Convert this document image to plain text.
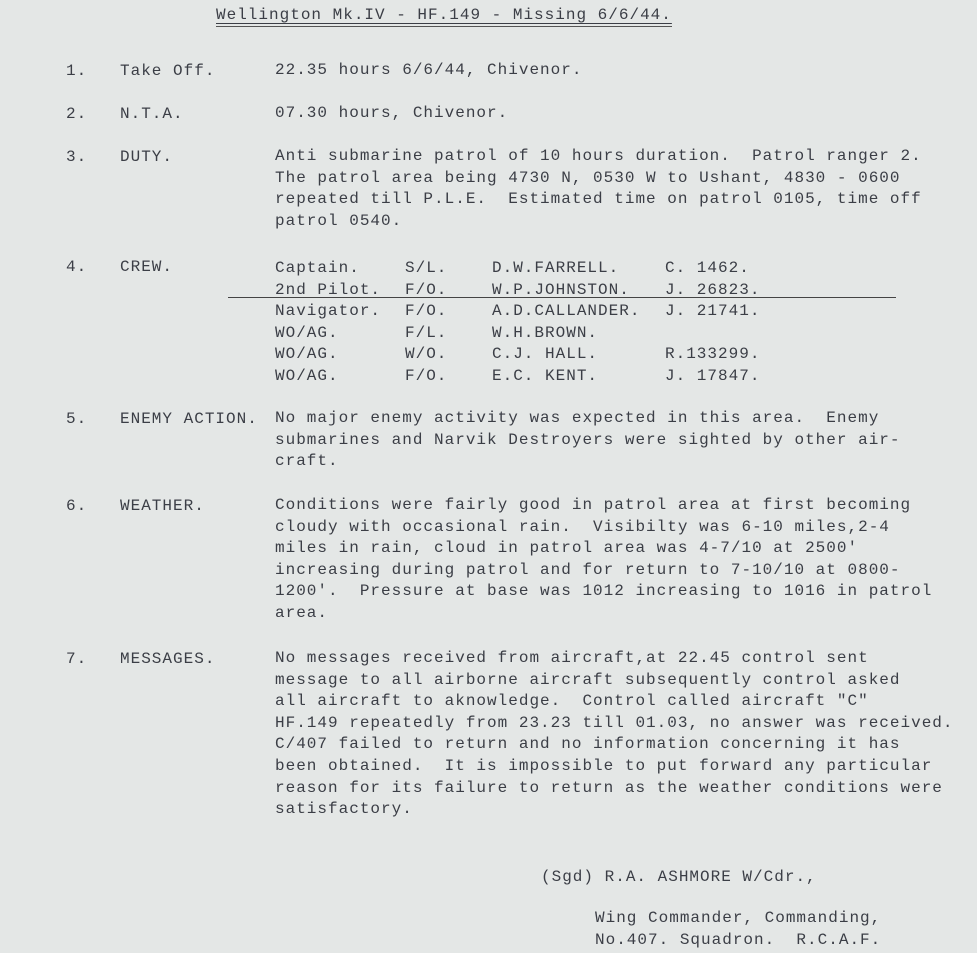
Wellington Mk.IV - HF.149 - Missing 6/6/44.
1. Take Off.	22.35 hours 6/6/44, Chivenor.
2. N.T.A.	07.30 hours, Chivenor.
3. DUTY.	Anti submarine patrol of 10 hours duration.  Patrol ranger 2.
The patrol area being 4730 N, 0530 W to Ushant, 4830 - 0600
repeated till P.L.E.  Estimated time on patrol 0105, time off
patrol 0540.
4. CREW.
5. ENEMY ACTION. No major enemy activity was expected in this area.  Enemy
submarines and Narvik Destroyers were sighted by other air-
craft.
6. WEATHER.	Conditions were fairly good in patrol area at first becoming
cloudy with occasional rain.  Visibilty was 6-10 miles,2-4
miles in rain, cloud in patrol area was 4-7/10 at 2500'
increasing during patrol and for return to 7-10/10 at 0800-
1200'.  Pressure at base was 1012 increasing to 1016 in patrol
area.
7. MESSAGES.	No messages received from aircraft,at 22.45 control sent
message to all airborne aircraft subsequently control asked
all aircraft to aknowledge.  Control called aircraft "C"
HF.149 repeatedly from 23.23 till 01.03, no answer was received.
C/407 failed to return and no information concerning it has
been obtained.  It is impossible to put forward any particular
reason for its failure to return as the weather conditions were
satisfactory.
Captain.	S/L.	D.W.FARRELL.	C. 1462.
2nd Pilot.	F/O.	W.P.JOHNSTON.	J. 26823.
Navigator.	F/O.	A.D.CALLANDER.	J. 21741.
WO/AG.	F/L.	W.H.BROWN.
WO/AG.	W/O.	C.J. HALL.	R.133299.
WO/AG.	F/O.	E.C. KENT.	J. 17847.
(Sgd) R.A. ASHMORE W/Cdr.,
Wing Commander, Commanding,
No.407. Squadron.  R.C.A.F.
